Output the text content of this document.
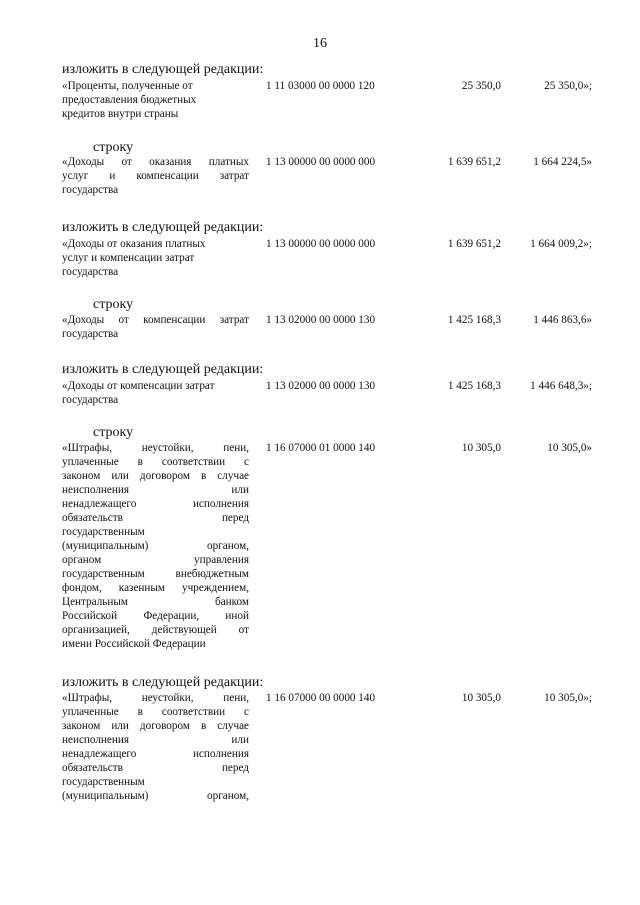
16
изложить в следующей редакции:
«Проценты, полученные от
предоставления бюджетных
кредитов внутри страны
1 11 03000 00 0000 120	25 350,0	25 350,0»;
строку
«Доходы от оказания платных
услуг и компенсации затрат
государства
1 13 00000 00 0000 000	1 639 651,2	1 664 224,5»
изложить в следующей редакции:
«Доходы от оказания платных
услуг и компенсации затрат
государства
1 13 00000 00 0000 000	1 639 651,2	1 664 009,2»;
строку
«Доходы от компенсации затрат
государства
1 13 02000 00 0000 130	1 425 168,3	1 446 863,6»
изложить в следующей редакции:
«Доходы от компенсации затрат
государства
1 13 02000 00 0000 130	1 425 168,3	1 446 648,3»;
строку
«Штрафы, неустойки, пени,
уплаченные в соответствии с
законом или договором в случае
неисполнения или
ненадлежащего исполнения
обязательств перед
государственным
(муниципальным) органом,
органом управления
государственным внебюджетным
фондом, казенным учреждением,
Центральным банком
Российской Федерации, иной
организацией, действующей от
имени Российской Федерации
1 16 07000 01 0000 140	10 305,0	10 305,0»
изложить в следующей редакции:
«Штрафы, неустойки, пени,
уплаченные в соответствии с
законом или договором в случае
неисполнения или
ненадлежащего исполнения
обязательств перед
государственным
(муниципальным) органом,
1 16 07000 00 0000 140	10 305,0	10 305,0»;
